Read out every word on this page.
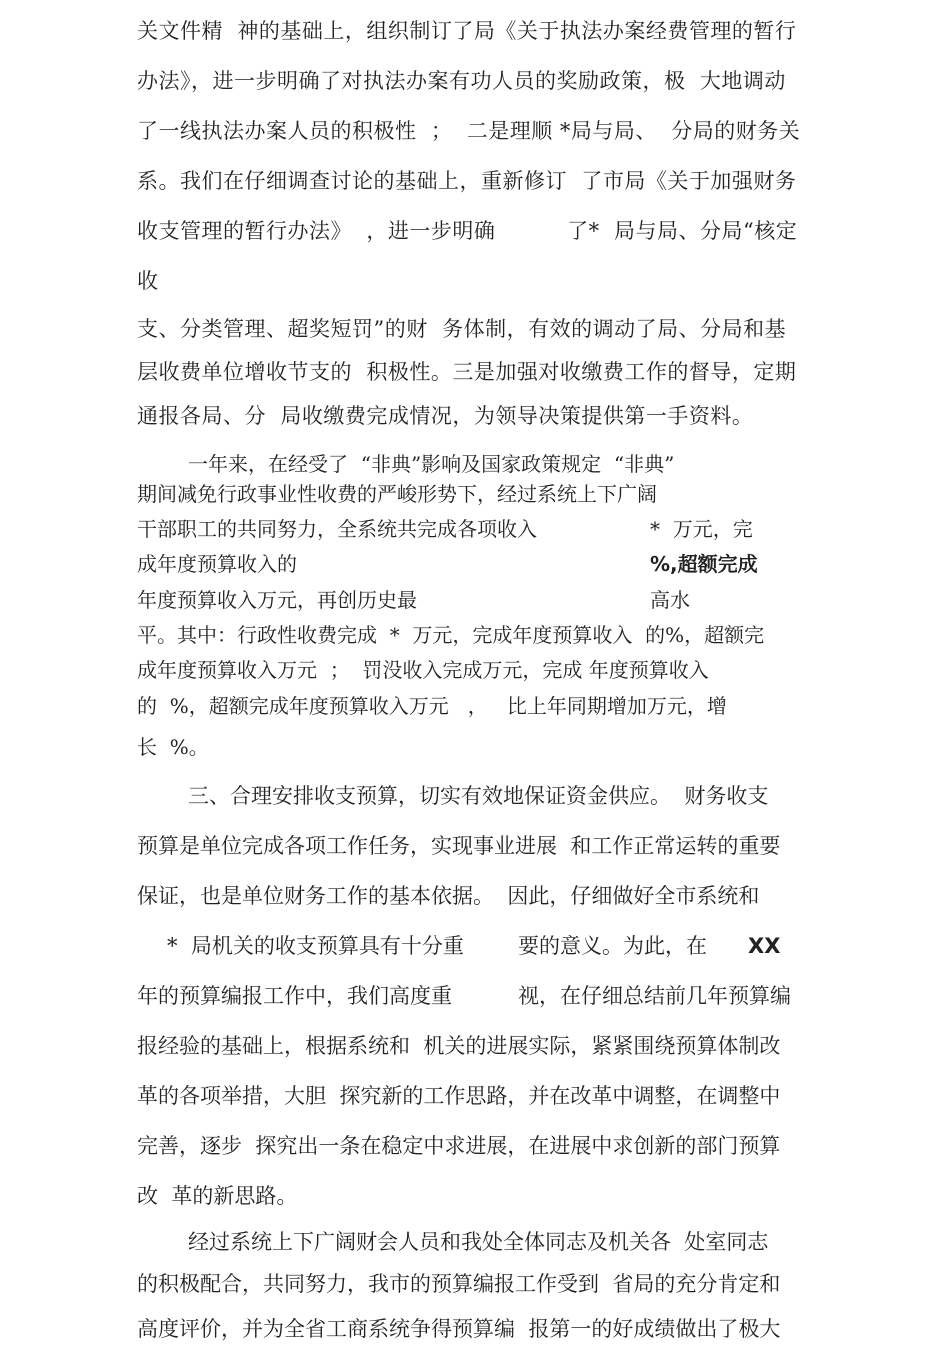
关文件精  神的基础上，组织制订了局《关于执法办案经费管理的暂行
办法》，进一步明确了对执法办案有功人员的奖励政策，极  大地调动
了一线执法办案人员的积极性  ；  二是理顺 *局与局、  分局的财务关
系。我们在仔细调查讨论的基础上，重新修订  了市局《关于加强财务
收支管理的暂行办法》  ，进一步明确          了*  局与局、分局“核定
收
支、分类管理、超奖短罚”的财  务体制，有效的调动了局、分局和基
层收费单位增收节支的  积极性。三是加强对收缴费工作的督导，定期
通报各局、分  局收缴费完成情况，为领导决策提供第一手资料。
一年来，在经受了  “非典”影响及国家政策规定  “非典”
期间减免行政事业性收费的严峻形势下，经过系统上下广阔
干部职工的共同努力，全系统共完成各项收入	*  万元，完
成年度预算收入的	%,超额完成
年度预算收入万元，再创历史最	高水
平。其中：行政性收费完成  *  万元，完成年度预算收入  的%，超额完
成年度预算收入万元  ；  罚没收入完成万元，完成 年度预算收入
的  %，超额完成年度预算收入万元   ，   比上年同期增加万元，增
长  %。
三、合理安排收支预算，切实有效地保证资金供应。  财务收支
预算是单位完成各项工作任务，实现事业进展  和工作正常运转的重要
保证，也是单位财务工作的基本依据。  因此，仔细做好全市系统和
*  局机关的收支预算具有十分重	要的意义。为此，在 XX
年的预算编报工作中，我们高度重	视，在仔细总结前几年预算编
报经验的基础上，根据系统和  机关的进展实际，紧紧围绕预算体制改
革的各项举措，大胆  探究新的工作思路，并在改革中调整，在调整中
完善，逐步  探究出一条在稳定中求进展，在进展中求创新的部门预算
改  革的新思路。
经过系统上下广阔财会人员和我处全体同志及机关各  处室同志
的积极配合，共同努力，我市的预算编报工作受到  省局的充分肯定和
高度评价，并为全省工商系统争得预算编  报第一的好成绩做出了极大
